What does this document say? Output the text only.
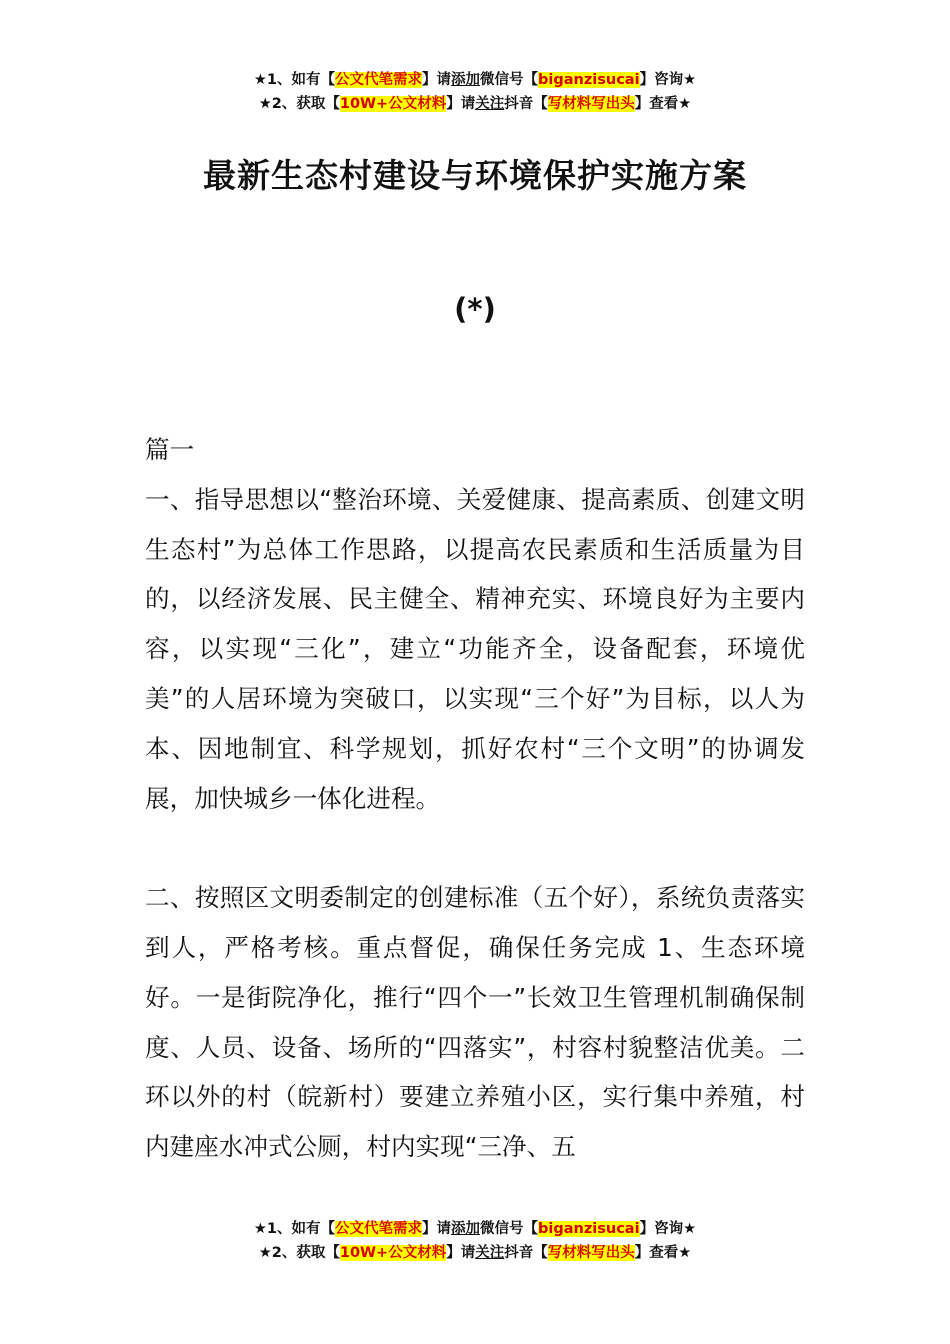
★1、如有【公文代笔需求】请添加微信号【biganzisucai】咨询★
★2、获取【10W+公文材料】请关注抖音【写材料写出头】查看★
最新生态村建设与环境保护实施方案
(*)

篇一

一、指导思想以“整治环境、关爱健康、提高素质、创建文明生态村”为总体工作思路，以提高农民素质和生活质量为目的，以经济发展、民主健全、精神充实、环境良好为主要内容，以实现“三化”，建立“功能齐全，设备配套，环境优美”的人居环境为突破口，以实现“三个好”为目标，以人为本、因地制宜、科学规划，抓好农村“三个文明”的协调发展，加快城乡一体化进程。

二、按照区文明委制定的创建标准（五个好），系统负责落实到人，严格考核。重点督促，确保任务完成 1、生态环境好。一是街院净化，推行“四个一”长效卫生管理机制确保制度、人员、设备、场所的“四落实”，村容村貌整洁优美。二环以外的村（皖新村）要建立养殖小区，实行集中养殖，村内建座水冲式公厕，村内实现“三净、五

★1、如有【公文代笔需求】请添加微信号【biganzisucai】咨询★
★2、获取【10W+公文材料】请关注抖音【写材料写出头】查看★
